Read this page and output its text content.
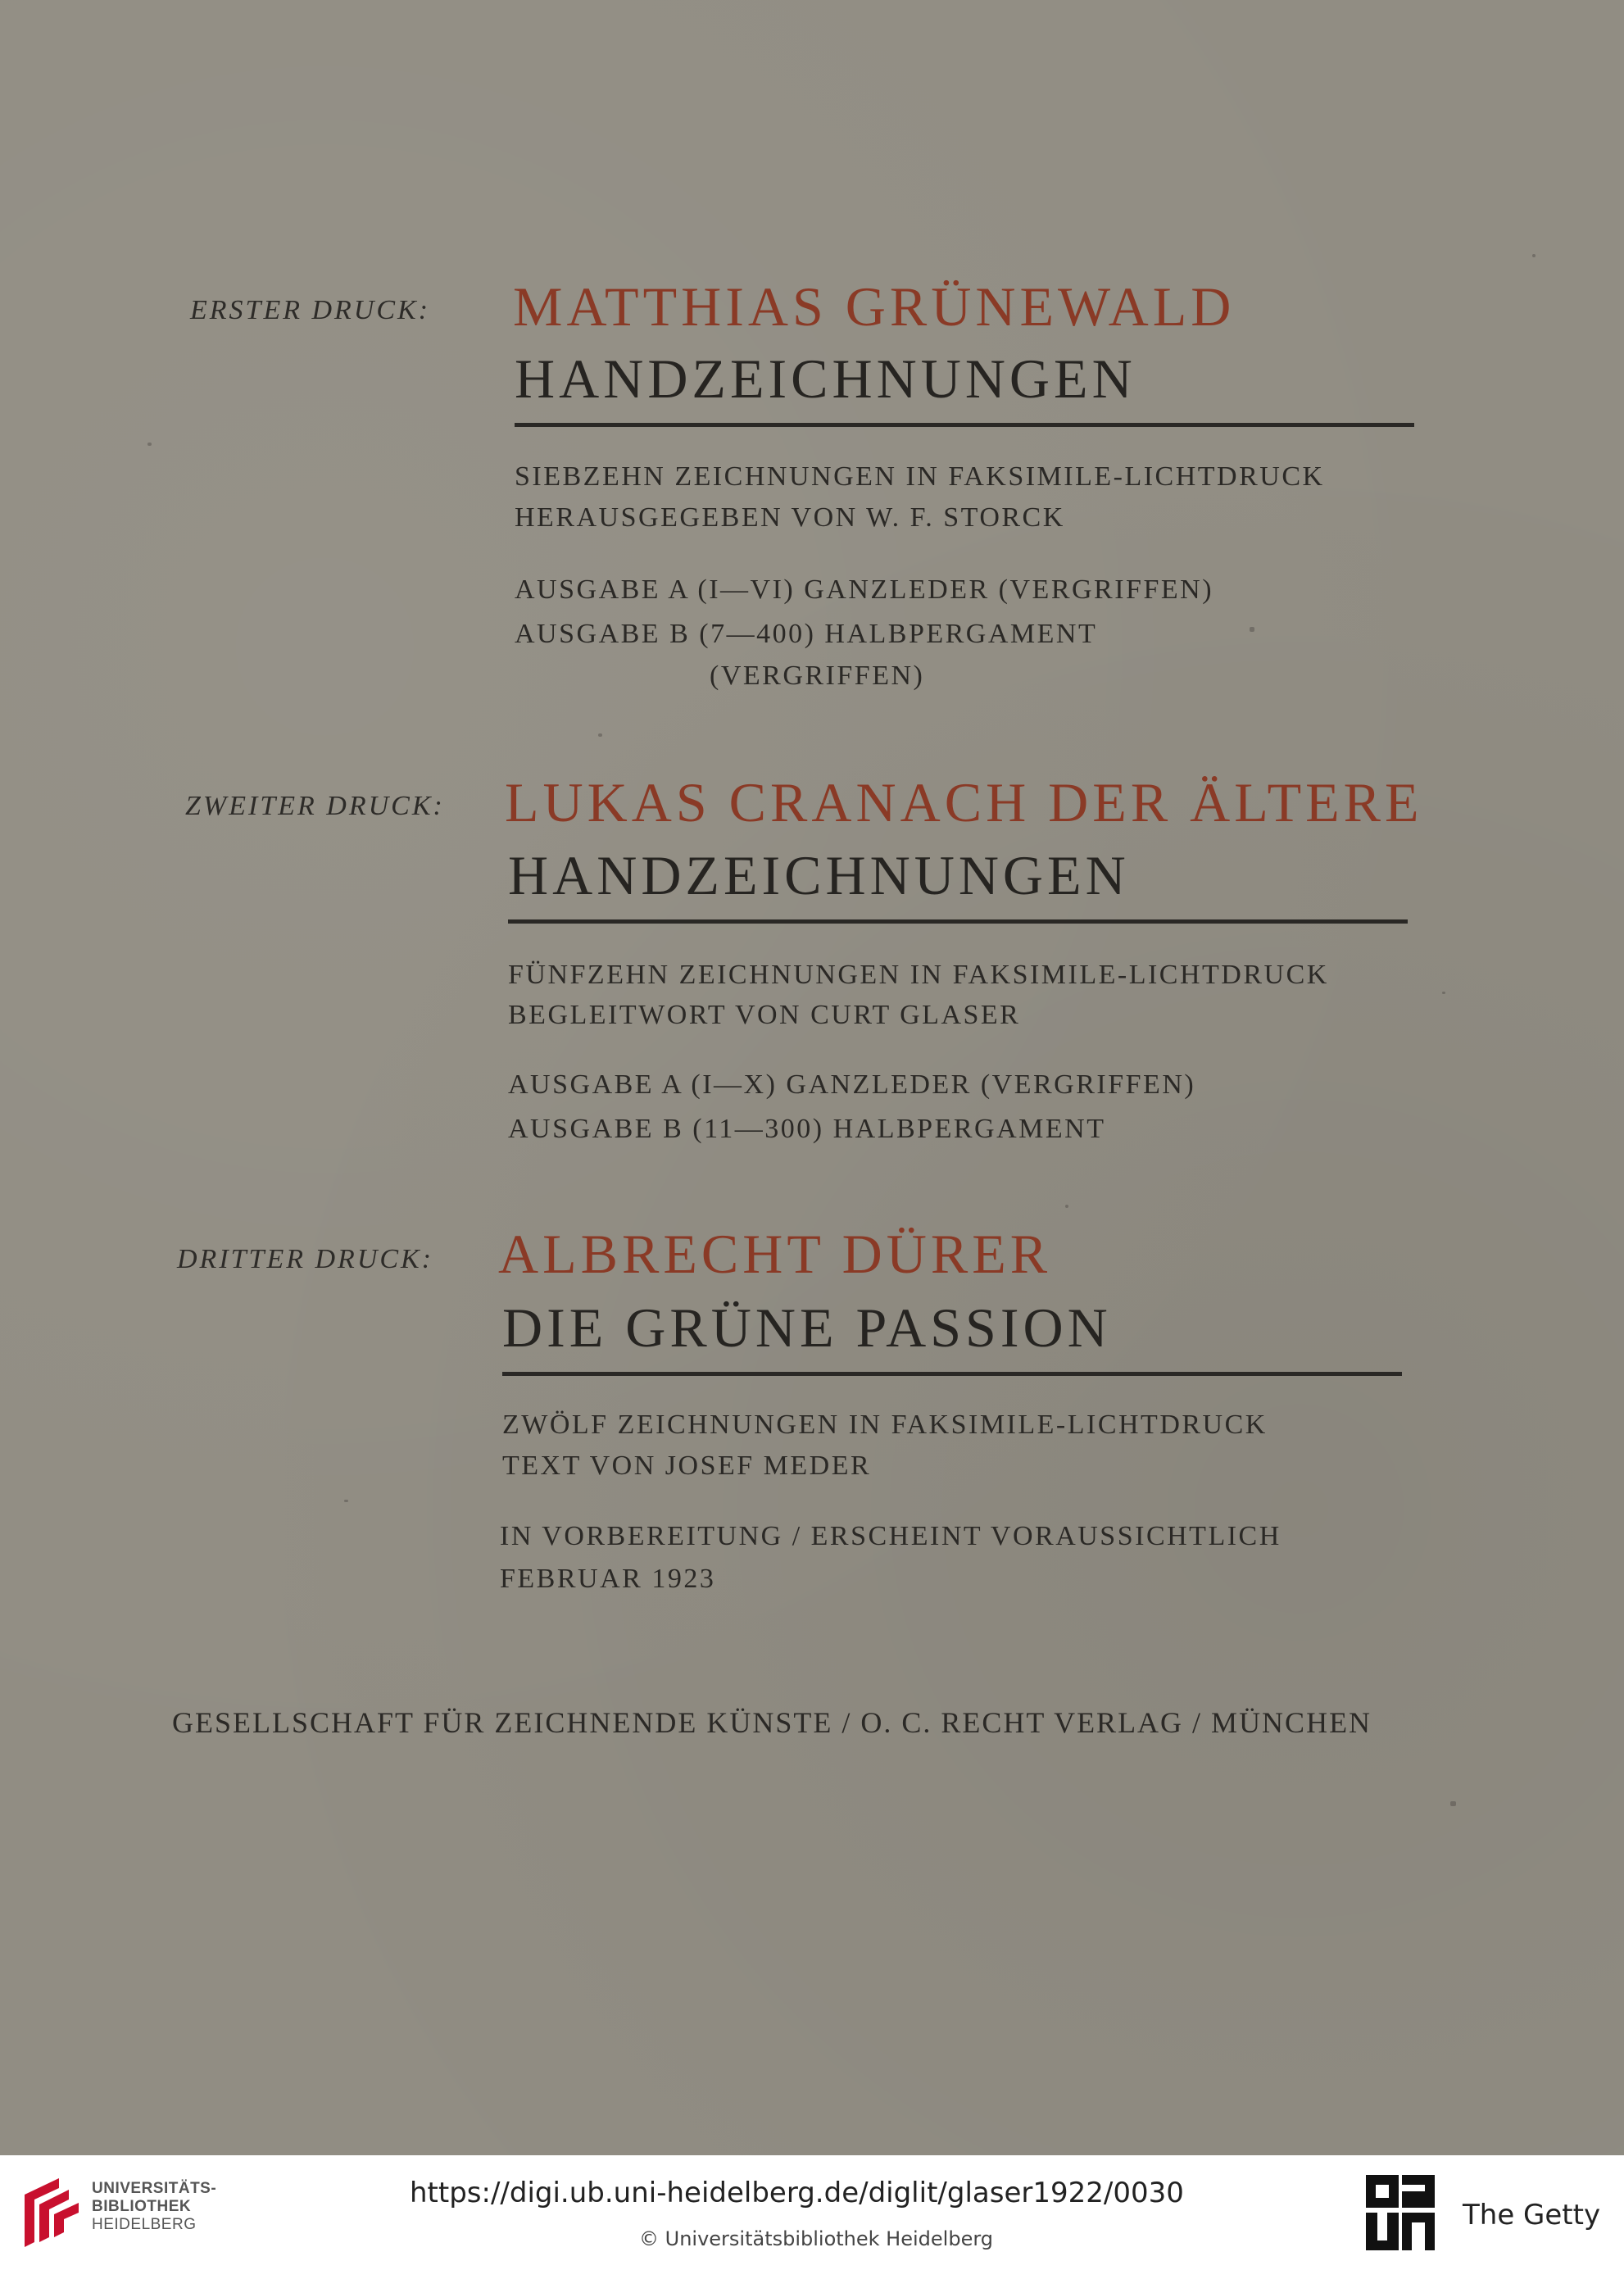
ERSTER DRUCK: MATTHIAS GRÜNEWALD
HANDZEICHNUNGEN
SIEBZEHN ZEICHNUNGEN IN FAKSIMILE-LICHTDRUCK
HERAUSGEGEBEN VON W. F. STORCK
AUSGABE A (I—VI) GANZLEDER (VERGRIFFEN)
AUSGABE B (7—400) HALBPERGAMENT
(VERGRIFFEN)
ZWEITER DRUCK: LUKAS CRANACH DER ÄLTERE
HANDZEICHNUNGEN
FÜNFZEHN ZEICHNUNGEN IN FAKSIMILE-LICHTDRUCK
BEGLEITWORT VON CURT GLASER
AUSGABE A (I—X) GANZLEDER (VERGRIFFEN)
AUSGABE B (11—300) HALBPERGAMENT
DRITTER DRUCK: ALBRECHT DÜRER
DIE GRÜNE PASSION
ZWÖLF ZEICHNUNGEN IN FAKSIMILE-LICHTDRUCK
TEXT VON JOSEF MEDER
IN VORBEREITUNG / ERSCHEINT VORAUSSICHTLICH
FEBRUAR 1923
GESELLSCHAFT FÜR ZEICHNENDE KÜNSTE / O. C. RECHT VERLAG / MÜNCHEN
UNIVERSITÄTS-
BIBLIOTHEK
HEIDELBERG
https://digi.ub.uni-heidelberg.de/diglit/glaser1922/0030
© Universitätsbibliothek Heidelberg
The Getty
